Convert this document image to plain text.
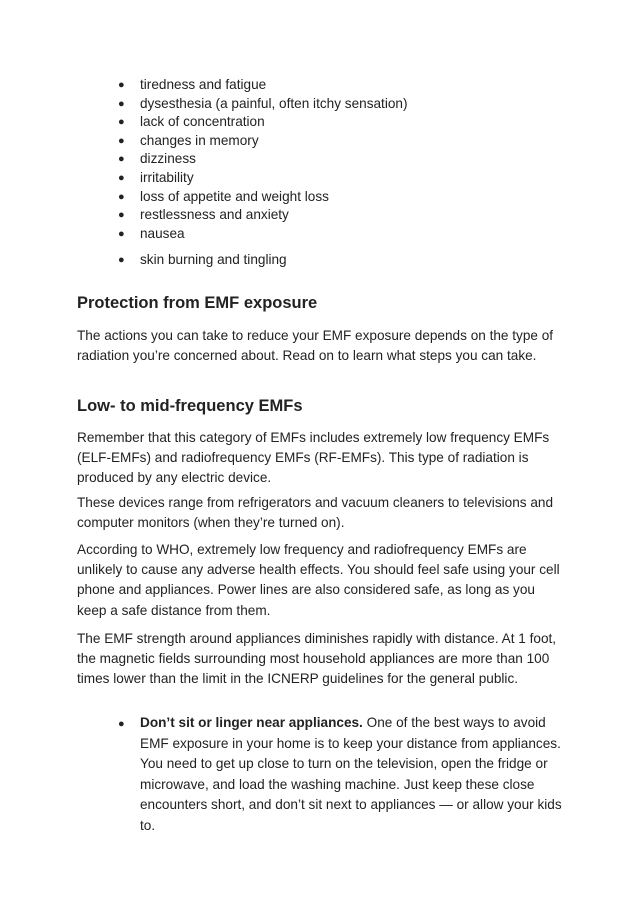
● tiredness and fatigue
● dysesthesia (a painful, often itchy sensation)
● lack of concentration
● changes in memory
● dizziness
● irritability
● loss of appetite and weight loss
● restlessness and anxiety
● nausea
● skin burning and tingling
Protection from EMF exposure

The actions you can take to reduce your EMF exposure depends on the type of radiation you’re concerned about. Read on to learn what steps you can take.

Low- to mid-frequency EMFs

Remember that this category of EMFs includes extremely low frequency EMFs (ELF-EMFs) and radiofrequency EMFs (RF-EMFs). This type of radiation is produced by any electric device.

These devices range from refrigerators and vacuum cleaners to televisions and computer monitors (when they’re turned on).

According to WHO, extremely low frequency and radiofrequency EMFs are unlikely to cause any adverse health effects. You should feel safe using your cell phone and appliances. Power lines are also considered safe, as long as you keep a safe distance from them.

The EMF strength around appliances diminishes rapidly with distance. At 1 foot, the magnetic fields surrounding most household appliances are more than 100 times lower than the limit in the ICNERP guidelines for the general public.

● Don’t sit or linger near appliances. One of the best ways to avoid EMF exposure in your home is to keep your distance from appliances. You need to get up close to turn on the television, open the fridge or microwave, and load the washing machine. Just keep these close encounters short, and don’t sit next to appliances — or allow your kids to.
